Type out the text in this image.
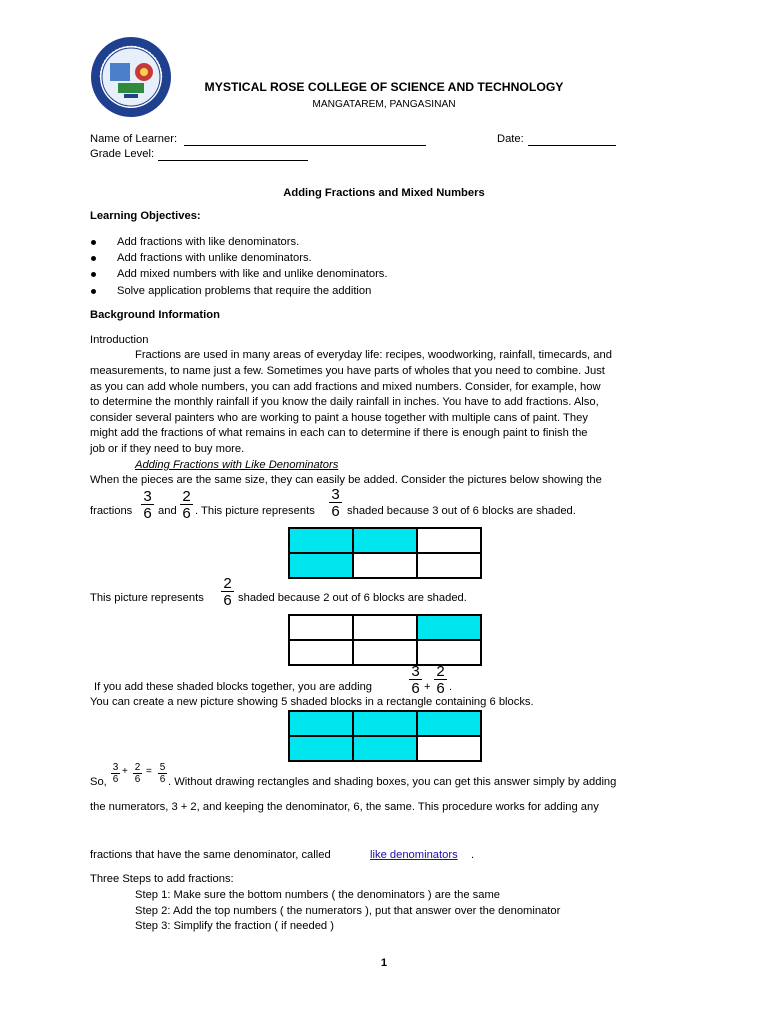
MYSTICAL ROSE COLLEGE OF SCIENCE AND TECHNOLOGY
MANGATAREM, PANGASINAN
Name of Learner:	Date:
Grade Level:
Adding Fractions and Mixed Numbers
Learning Objectives:
Add fractions with like denominators.
Add fractions with unlike denominators.
Add mixed numbers with like and unlike denominators.
Solve application problems that require the addition
Background Information
Introduction
Fractions are used in many areas of everyday life: recipes, woodworking, rainfall, timecards, and
measurements, to name just a few. Sometimes you have parts of wholes that you need to combine. Just
as you can add whole numbers, you can add fractions and mixed numbers. Consider, for example, how
to determine the monthly rainfall if you know the daily rainfall in inches. You have to add fractions. Also,
consider several painters who are working to paint a house together with multiple cans of paint. They
might add the fractions of what remains in each can to determine if there is enough paint to finish the
job or if they need to buy more.
Adding Fractions with Like Denominators
When the pieces are the same size, they can easily be added. Consider the pictures below showing the
fractions $\frac{3}{6}$ and $\frac{2}{6}$ . This picture represents $\frac{3}{6}$ shaded because 3 out of 6 blocks are shaded.
This picture represents $\frac{2}{6}$ shaded because 2 out of 6 blocks are shaded.
If you add these shaded blocks together, you are adding $\frac{3}{6} + \frac{2}{6}$ .
You can create a new picture showing 5 shaded blocks in a rectangle containing 6 blocks.
So, $\frac{3}{6} + \frac{2}{6} = \frac{5}{6}$ . Without drawing rectangles and shading boxes, you can get this answer simply by adding
the numerators, 3 + 2, and keeping the denominator, 6, the same. This procedure works for adding any
fractions that have the same denominator, called	like denominators .
Three Steps to add fractions:
Step 1: Make sure the bottom numbers ( the denominators ) are the same
Step 2: Add the top numbers ( the numerators ), put that answer over the denominator
Step 3: Simplify the fraction ( if needed )
1
